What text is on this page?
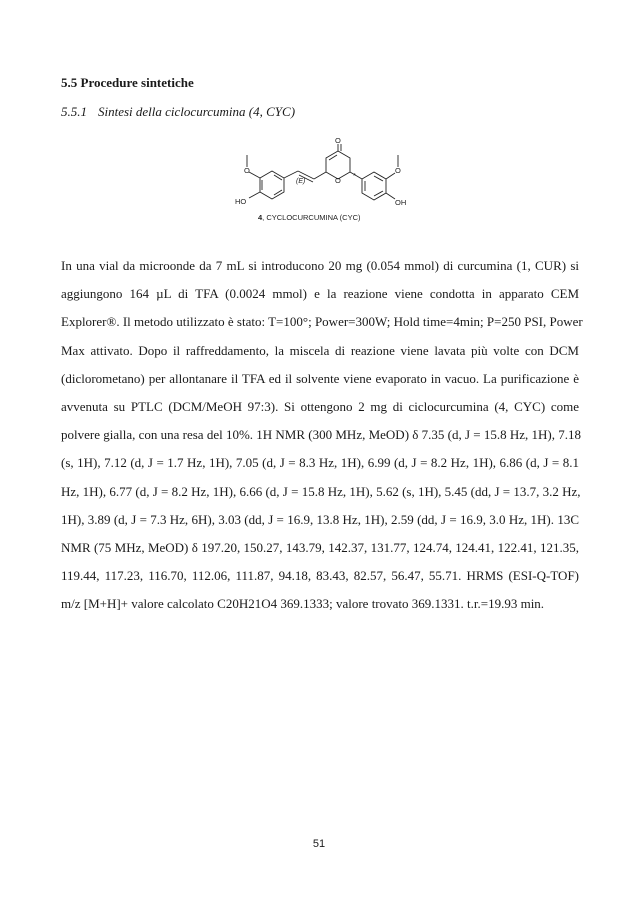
5.5 Procedure sintetiche
5.5.1 Sintesi della ciclocurcumina (4, CYC)
O
HO
(E)
O
O
*
O
OH
4, CYCLOCURCUMINA (CYC)
In una vial da microonde da 7 mL si introducono 20 mg (0.054 mmol) di curcumina (1, CUR) si
aggiungono 164 µL di TFA (0.0024 mmol) e la reazione viene condotta in apparato CEM
Explorer®. Il metodo utilizzato è stato: T=100°; Power=300W; Hold time=4min; P=250 PSI, Power
Max attivato. Dopo il raffreddamento, la miscela di reazione viene lavata più volte con DCM
(diclorometano) per allontanare il TFA ed il solvente viene evaporato in vacuo. La purificazione è
avvenuta su PTLC (DCM/MeOH 97:3). Si ottengono 2 mg di ciclocurcumina (4, CYC) come
polvere gialla, con una resa del 10%. 1H NMR (300 MHz, MeOD) δ 7.35 (d, J = 15.8 Hz, 1H), 7.18
(s, 1H), 7.12 (d, J = 1.7 Hz, 1H), 7.05 (d, J = 8.3 Hz, 1H), 6.99 (d, J = 8.2 Hz, 1H), 6.86 (d, J = 8.1
Hz, 1H), 6.77 (d, J = 8.2 Hz, 1H), 6.66 (d, J = 15.8 Hz, 1H), 5.62 (s, 1H), 5.45 (dd, J = 13.7, 3.2 Hz,
1H), 3.89 (d, J = 7.3 Hz, 6H), 3.03 (dd, J = 16.9, 13.8 Hz, 1H), 2.59 (dd, J = 16.9, 3.0 Hz, 1H). 13C
NMR (75 MHz, MeOD) δ 197.20, 150.27, 143.79, 142.37, 131.77, 124.74, 124.41, 122.41, 121.35,
119.44, 117.23, 116.70, 112.06, 111.87, 94.18, 83.43, 82.57, 56.47, 55.71. HRMS (ESI-Q-TOF)
m/z [M+H]+ valore calcolato C20H21O4 369.1333; valore trovato 369.1331. t.r.=19.93 min.
51
